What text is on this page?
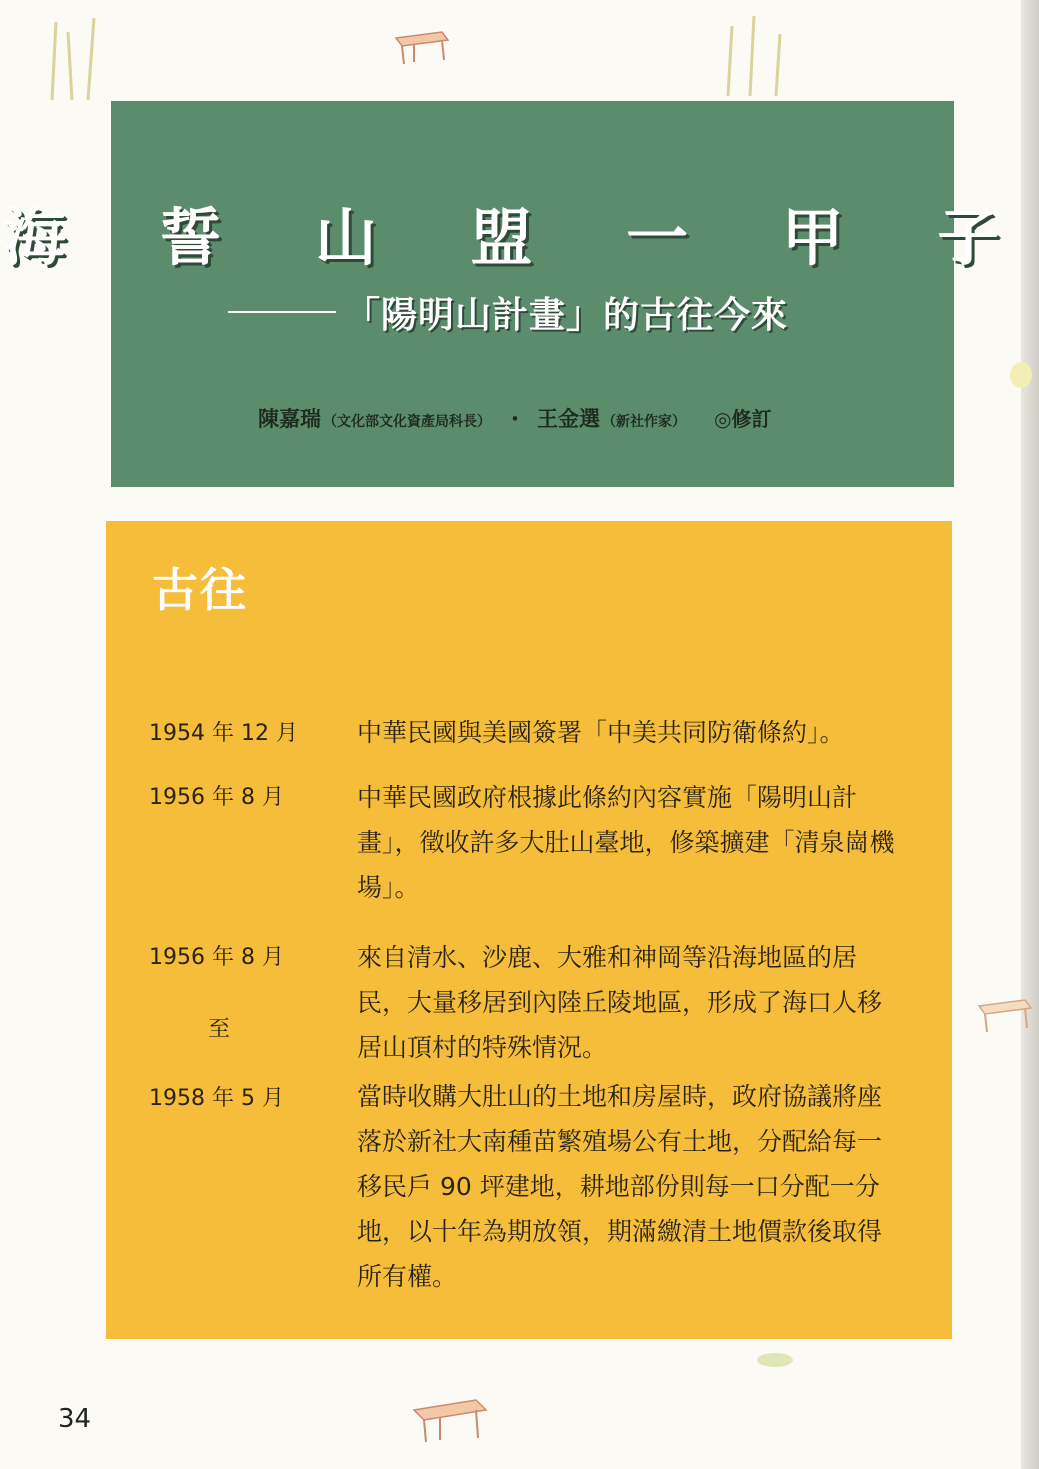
海 誓 山 盟 一 甲 子
「陽明山計畫」的古往今來
陳嘉瑞 （文化部文化資產局科長） ・ 王金選 （新社作家） ◎修訂
古往
1954 年 12 月 中華民國與美國簽署「中美共同防衛條約」。

1956 年 8 月	中華民國政府根據此條約內容實施「陽明山計畫」，徵收許多大肚山臺地，修築擴建「清泉崗機場」。

1956 年 8 月
至

來自清水、沙鹿、大雅和神岡等沿海地區的居民，大量移居到內陸丘陵地區，形成了海口人移居山頂村的特殊情況。

1958 年 5 月	當時收購大肚山的土地和房屋時，政府協議將座落於新社大南種苗繁殖場公有土地，分配給每一移民戶 90 坪建地，耕地部份則每一口分配一分地，以十年為期放領，期滿繳清土地價款後取得所有權。

34
